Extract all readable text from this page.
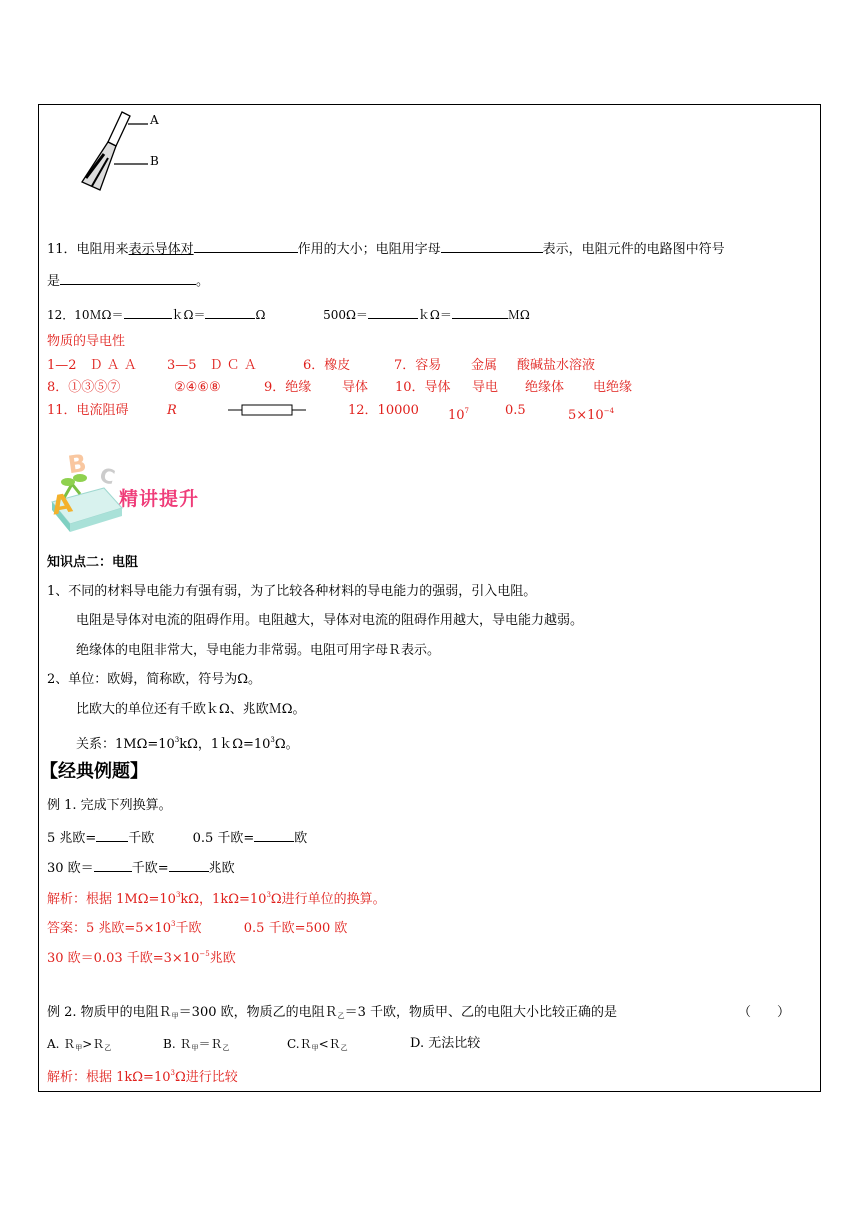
A
B
11．电阻用来表示导体对	作用的大小；电阻用字母	表示，电阻元件的电路图中符号
是	。
12．10ＭΩ＝	ｋΩ＝	Ω	500Ω＝	ｋΩ＝	ＭΩ
物质的导电性
1—2　Ｄ Ａ Ａ 3—5　Ｄ Ｃ Ａ	6．橡皮	7．容易 金属 酸碱盐水溶液
8．①③⑤⑦	②④⑥⑧	9．绝缘 导体 10．导体 导电 绝缘体 电绝缘
11．电流阻碍	R	12．10000 $10^7$	0.5	$5\times 10^{-4}$
A
B C
精讲提升
知识点二：电阻
1、不同的材料导电能力有强有弱，为了比较各种材料的导电能力的强弱，引入电阻。
电阻是导体对电流的阻碍作用。电阻越大，导体对电流的阻碍作用越大，导电能力越弱。
绝缘体的电阻非常大，导电能力非常弱。电阻可用字母Ｒ表示。
2、单位：欧姆，简称欧，符号为Ω。
比欧大的单位还有千欧ｋΩ、兆欧ＭΩ。
关系：$1M\Omega=10^3k\Omega$，$1k\Omega=10^3\Omega$。
【经典例题】
例 1. 完成下列换算。
5 兆欧= 千欧	0.5 千欧=	欧
30 欧＝	千欧=	兆欧
解析：根据 $1M\Omega=10^3k\Omega$，$1k\Omega=10^3\Omega$进行单位的换算。
答案：5 兆欧$=5\times 10^3$千欧	0.5 千欧=500 欧
30 欧＝0.03 千欧$=3\times 10^{-5}$兆欧
例 2. 物质甲的电阻Ｒ$_甲$＝300 欧，物质乙的电阻Ｒ$_乙$＝3 千欧，物质甲、乙的电阻大小比较正确的是	（　　）
A. Ｒ$_甲$>Ｒ$_乙$	B. Ｒ$_甲$＝Ｒ$_乙$	C.Ｒ$_甲$<Ｒ$_乙$	D. 无法比较
解析：根据 $1k\Omega=10^3\Omega$进行比较
